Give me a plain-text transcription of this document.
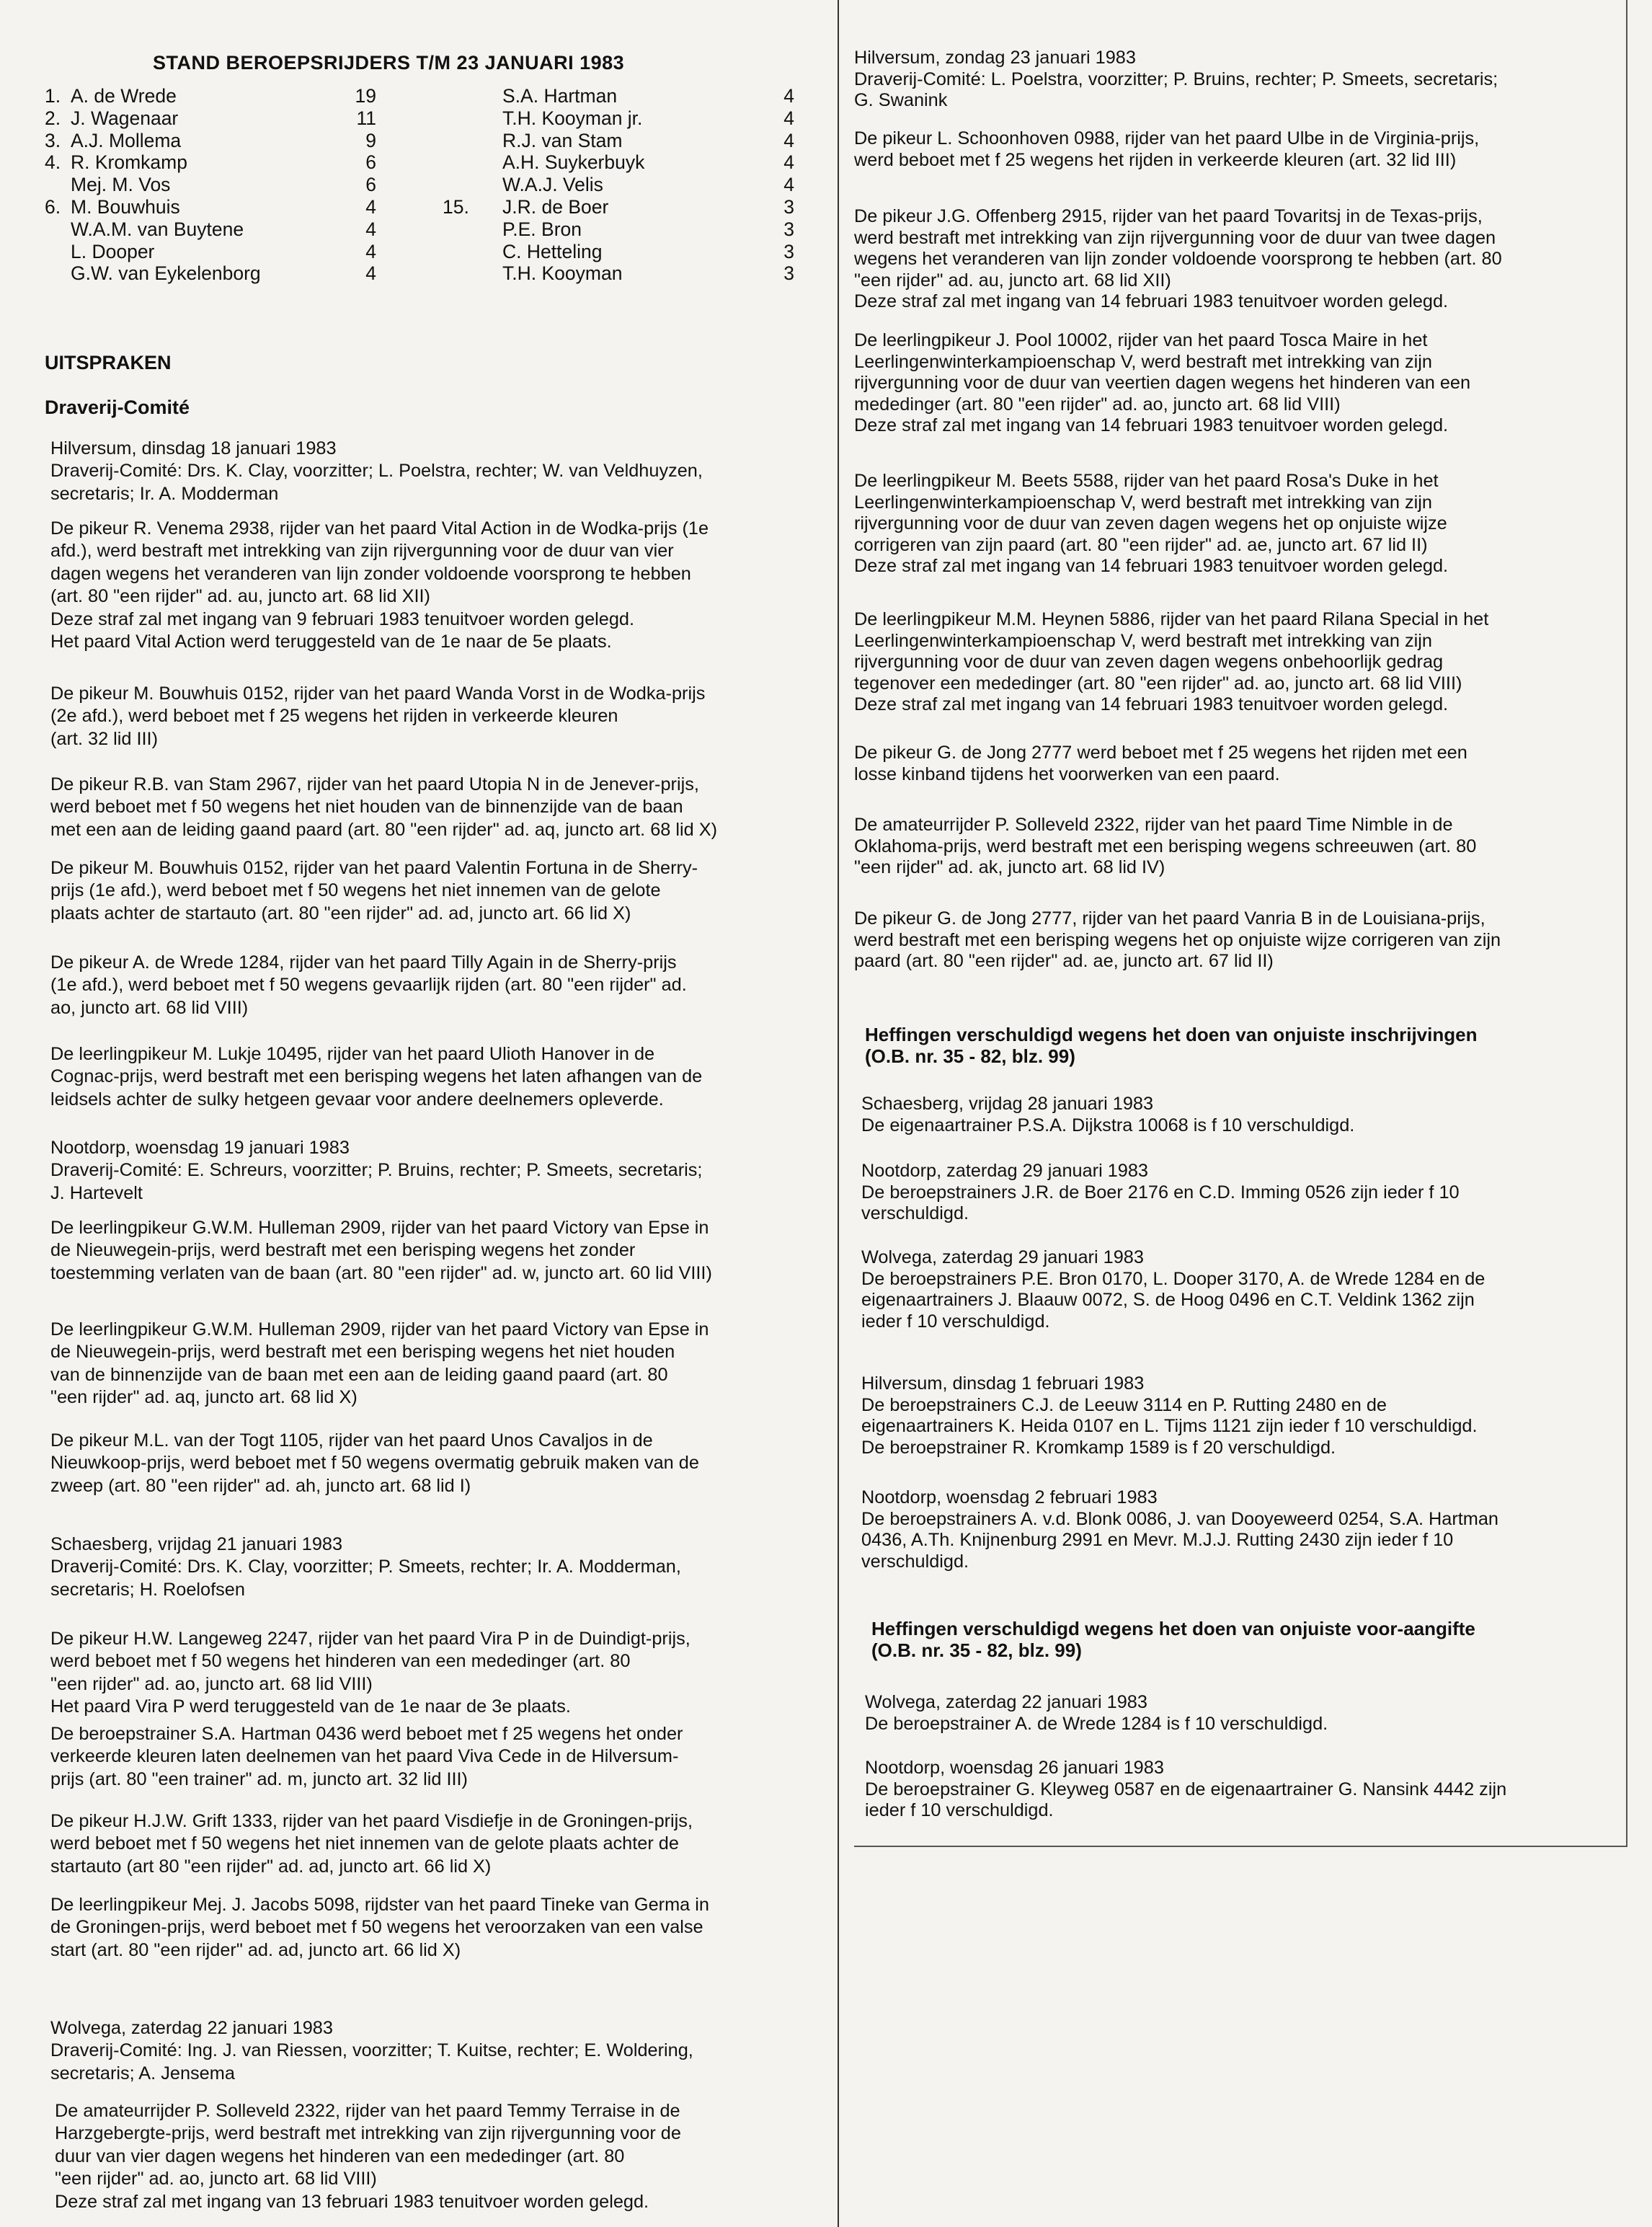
STAND BEROEPSRIJDERS T/M 23 JANUARI 1983
1. A. de Wrede	19
2. J. Wagenaar	11
3. A.J. Mollema	9
4. R. Kromkamp	6
Mej. M. Vos	6
6. M. Bouwhuis	4
W.A.M. van Buytene	4
L. Dooper	4
G.W. van Eykelenborg	4
S.A. Hartman	4
T.H. Kooyman jr.	4
R.J. van Stam	4
A.H. Suykerbuyk	4
W.A.J. Velis	4
15. J.R. de Boer	3
P.E. Bron	3
C. Hetteling	3
T.H. Kooyman	3
UITSPRAKEN
Draverij-Comité
Hilversum, dinsdag 18 januari 1983
Draverij-Comité: Drs. K. Clay, voorzitter; L. Poelstra, rechter; W. van Veldhuyzen,
secretaris; Ir. A. Modderman
De pikeur R. Venema 2938, rijder van het paard Vital Action in de Wodka-prijs (1e
afd.), werd bestraft met intrekking van zijn rijvergunning voor de duur van vier
dagen wegens het veranderen van lijn zonder voldoende voorsprong te hebben
(art. 80 "een rijder" ad. au, juncto art. 68 lid XII)
Deze straf zal met ingang van 9 februari 1983 tenuitvoer worden gelegd.
Het paard Vital Action werd teruggesteld van de 1e naar de 5e plaats.
De pikeur M. Bouwhuis 0152, rijder van het paard Wanda Vorst in de Wodka-prijs
(2e afd.), werd beboet met f 25 wegens het rijden in verkeerde kleuren
(art. 32 lid III)
De pikeur R.B. van Stam 2967, rijder van het paard Utopia N in de Jenever-prijs,
werd beboet met f 50 wegens het niet houden van de binnenzijde van de baan
met een aan de leiding gaand paard (art. 80 "een rijder" ad. aq, juncto art. 68 lid X)
De pikeur M. Bouwhuis 0152, rijder van het paard Valentin Fortuna in de Sherry-
prijs (1e afd.), werd beboet met f 50 wegens het niet innemen van de gelote
plaats achter de startauto (art. 80 "een rijder" ad. ad, juncto art. 66 lid X)
De pikeur A. de Wrede 1284, rijder van het paard Tilly Again in de Sherry-prijs
(1e afd.), werd beboet met f 50 wegens gevaarlijk rijden (art. 80 "een rijder" ad.
ao, juncto art. 68 lid VIII)
De leerlingpikeur M. Lukje 10495, rijder van het paard Ulioth Hanover in de
Cognac-prijs, werd bestraft met een berisping wegens het laten afhangen van de
leidsels achter de sulky hetgeen gevaar voor andere deelnemers opleverde.
Nootdorp, woensdag 19 januari 1983
Draverij-Comité: E. Schreurs, voorzitter; P. Bruins, rechter; P. Smeets, secretaris;
J. Hartevelt
De leerlingpikeur G.W.M. Hulleman 2909, rijder van het paard Victory van Epse in
de Nieuwegein-prijs, werd bestraft met een berisping wegens het zonder
toestemming verlaten van de baan (art. 80 "een rijder" ad. w, juncto art. 60 lid VIII)
De leerlingpikeur G.W.M. Hulleman 2909, rijder van het paard Victory van Epse in
de Nieuwegein-prijs, werd bestraft met een berisping wegens het niet houden
van de binnenzijde van de baan met een aan de leiding gaand paard (art. 80
"een rijder" ad. aq, juncto art. 68 lid X)
De pikeur M.L. van der Togt 1105, rijder van het paard Unos Cavaljos in de
Nieuwkoop-prijs, werd beboet met f 50 wegens overmatig gebruik maken van de
zweep (art. 80 "een rijder" ad. ah, juncto art. 68 lid I)
Schaesberg, vrijdag 21 januari 1983
Draverij-Comité: Drs. K. Clay, voorzitter; P. Smeets, rechter; Ir. A. Modderman,
secretaris; H. Roelofsen
De pikeur H.W. Langeweg 2247, rijder van het paard Vira P in de Duindigt-prijs,
werd beboet met f 50 wegens het hinderen van een mededinger (art. 80
"een rijder" ad. ao, juncto art. 68 lid VIII)
Het paard Vira P werd teruggesteld van de 1e naar de 3e plaats.
De beroepstrainer S.A. Hartman 0436 werd beboet met f 25 wegens het onder
verkeerde kleuren laten deelnemen van het paard Viva Cede in de Hilversum-
prijs (art. 80 "een trainer" ad. m, juncto art. 32 lid III)
De pikeur H.J.W. Grift 1333, rijder van het paard Visdiefje in de Groningen-prijs,
werd beboet met f 50 wegens het niet innemen van de gelote plaats achter de
startauto (art 80 "een rijder" ad. ad, juncto art. 66 lid X)
De leerlingpikeur Mej. J. Jacobs 5098, rijdster van het paard Tineke van Germa in
de Groningen-prijs, werd beboet met f 50 wegens het veroorzaken van een valse
start (art. 80 "een rijder" ad. ad, juncto art. 66 lid X)
Wolvega, zaterdag 22 januari 1983
Draverij-Comité: Ing. J. van Riessen, voorzitter; T. Kuitse, rechter; E. Woldering,
secretaris; A. Jensema
De amateurrijder P. Solleveld 2322, rijder van het paard Temmy Terraise in de
Harzgebergte-prijs, werd bestraft met intrekking van zijn rijvergunning voor de
duur van vier dagen wegens het hinderen van een mededinger (art. 80
"een rijder" ad. ao, juncto art. 68 lid VIII)
Deze straf zal met ingang van 13 februari 1983 tenuitvoer worden gelegd.
Hilversum, zondag 23 januari 1983
Draverij-Comité: L. Poelstra, voorzitter; P. Bruins, rechter; P. Smeets, secretaris;
G. Swanink
De pikeur L. Schoonhoven 0988, rijder van het paard Ulbe in de Virginia-prijs,
werd beboet met f 25 wegens het rijden in verkeerde kleuren (art. 32 lid III)
De pikeur J.G. Offenberg 2915, rijder van het paard Tovaritsj in de Texas-prijs,
werd bestraft met intrekking van zijn rijvergunning voor de duur van twee dagen
wegens het veranderen van lijn zonder voldoende voorsprong te hebben (art. 80
"een rijder" ad. au, juncto art. 68 lid XII)
Deze straf zal met ingang van 14 februari 1983 tenuitvoer worden gelegd.
De leerlingpikeur J. Pool 10002, rijder van het paard Tosca Maire in het
Leerlingenwinterkampioenschap V, werd bestraft met intrekking van zijn
rijvergunning voor de duur van veertien dagen wegens het hinderen van een
mededinger (art. 80 "een rijder" ad. ao, juncto art. 68 lid VIII)
Deze straf zal met ingang van 14 februari 1983 tenuitvoer worden gelegd.
De leerlingpikeur M. Beets 5588, rijder van het paard Rosa's Duke in het
Leerlingenwinterkampioenschap V, werd bestraft met intrekking van zijn
rijvergunning voor de duur van zeven dagen wegens het op onjuiste wijze
corrigeren van zijn paard (art. 80 "een rijder" ad. ae, juncto art. 67 lid II)
Deze straf zal met ingang van 14 februari 1983 tenuitvoer worden gelegd.
De leerlingpikeur M.M. Heynen 5886, rijder van het paard Rilana Special in het
Leerlingenwinterkampioenschap V, werd bestraft met intrekking van zijn
rijvergunning voor de duur van zeven dagen wegens onbehoorlijk gedrag
tegenover een mededinger (art. 80 "een rijder" ad. ao, juncto art. 68 lid VIII)
Deze straf zal met ingang van 14 februari 1983 tenuitvoer worden gelegd.
De pikeur G. de Jong 2777 werd beboet met f 25 wegens het rijden met een
losse kinband tijdens het voorwerken van een paard.
De amateurrijder P. Solleveld 2322, rijder van het paard Time Nimble in de
Oklahoma-prijs, werd bestraft met een berisping wegens schreeuwen (art. 80
"een rijder" ad. ak, juncto art. 68 lid IV)
De pikeur G. de Jong 2777, rijder van het paard Vanria B in de Louisiana-prijs,
werd bestraft met een berisping wegens het op onjuiste wijze corrigeren van zijn
paard (art. 80 "een rijder" ad. ae, juncto art. 67 lid II)
Schaesberg, vrijdag 28 januari 1983
De eigenaartrainer P.S.A. Dijkstra 10068 is f 10 verschuldigd.
Nootdorp, zaterdag 29 januari 1983
De beroepstrainers J.R. de Boer 2176 en C.D. Imming 0526 zijn ieder f 10
verschuldigd.
Wolvega, zaterdag 29 januari 1983
De beroepstrainers P.E. Bron 0170, L. Dooper 3170, A. de Wrede 1284 en de
eigenaartrainers J. Blaauw 0072, S. de Hoog 0496 en C.T. Veldink 1362 zijn
ieder f 10 verschuldigd.
Hilversum, dinsdag 1 februari 1983
De beroepstrainers C.J. de Leeuw 3114 en P. Rutting 2480 en de
eigenaartrainers K. Heida 0107 en L. Tijms 1121 zijn ieder f 10 verschuldigd.
De beroepstrainer R. Kromkamp 1589 is f 20 verschuldigd.
Nootdorp, woensdag 2 februari 1983
De beroepstrainers A. v.d. Blonk 0086, J. van Dooyeweerd 0254, S.A. Hartman
0436, A.Th. Knijnenburg 2991 en Mevr. M.J.J. Rutting 2430 zijn ieder f 10
verschuldigd.
Wolvega, zaterdag 22 januari 1983
De beroepstrainer A. de Wrede 1284 is f 10 verschuldigd.
Nootdorp, woensdag 26 januari 1983
De beroepstrainer G. Kleyweg 0587 en de eigenaartrainer G. Nansink 4442 zijn
ieder f 10 verschuldigd.
Heffingen verschuldigd wegens het doen van onjuiste inschrijvingen
(O.B. nr. 35 - 82, blz. 99)
Heffingen verschuldigd wegens het doen van onjuiste voor-aangifte
(O.B. nr. 35 - 82, blz. 99)
